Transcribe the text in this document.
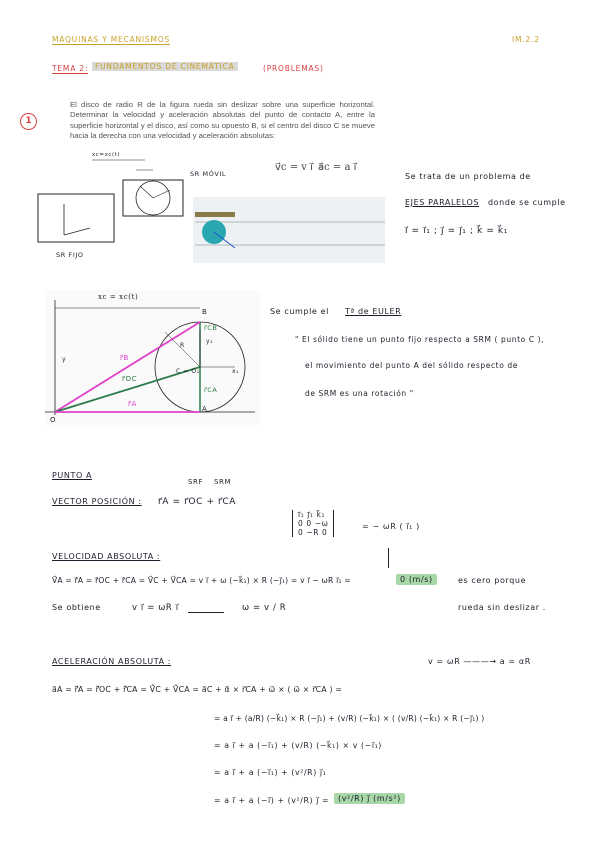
MÁQUINAS Y MECANISMOS	IM.2.2
TEMA 2: FUNDAMENTOS DE CINEMÁTICA	(PROBLEMAS)
1
El disco de radio R de la figura rueda sin deslizar sobre una superficie horizontal. Determinar la velocidad y aceleración absolutas del punto de contacto A, entre la superficie horizontal y el disco, así como su opuesto B, si el centro del disco C se mueve hacia la derecha con una velocidad y aceleración absolutas:
xc=xc(t)
SR MÓVIL
SR FIJO
v⃗c = v i⃗ a⃗c = a i⃗
Se trata de un problema de
EJES PARALELOS donde se cumple
i⃗ = i⃗₁ ; j⃗ = j⃗₁ ; k⃗ = k⃗₁
xc = xc(t)
B
A
O
C = O₁
R
y
y₁
x₁
r⃗B
r⃗OC
r⃗A
r⃗CB
r⃗CA
Se cumple el Tª de EULER
" El sólido tiene un punto fijo respecto a SRM ( punto C ),
el movimiento del punto A del sólido respecto de
de SRM es una rotación "
PUNTO A
SRF SRM
VECTOR POSICIÓN : r⃗A = r⃗OC + r⃗CA
i⃗₁ j⃗₁ k⃗₁
0 0 −ω
0 −R 0
= − ωR ( i⃗₁ )
VELOCIDAD ABSOLUTA :
V⃗A = ṙ⃗A = ṙ⃗OC + ṙ⃗CA = V⃗C + V⃗CA = v i⃗ + ω (−k⃗₁) × R (−j⃗₁) = v i⃗ − ωR i⃗₁ =	0 (m/s)	es cero porque
rueda sin deslizar .
Se obtiene	v i⃗ = ωR i⃗	ω = v / R
ACELERACIÓN ABSOLUTA :	v = ωR ———→ a = αR
a⃗A = r̈⃗A = r̈⃗OC + r̈⃗CA = V̇⃗C + V̇⃗CA = a⃗C + α⃗ × r⃗CA + ω⃗ × ( ω⃗ × r⃗CA ) =
= a i⃗ + (a/R) (−k⃗₁) × R (−j⃗₁) + (v/R) (−k⃗₁) × ( (v/R) (−k⃗₁) × R (−j⃗₁) )
= a i⃗ + a (−i⃗₁) + (v/R) (−k⃗₁) × v (−i⃗₁)
= a i⃗ + a (−i⃗₁) + (v²/R) j⃗₁
= a i⃗ + a (−i⃗) + (v²/R) j⃗ =	(v²/R) j⃗ (m/s²)
